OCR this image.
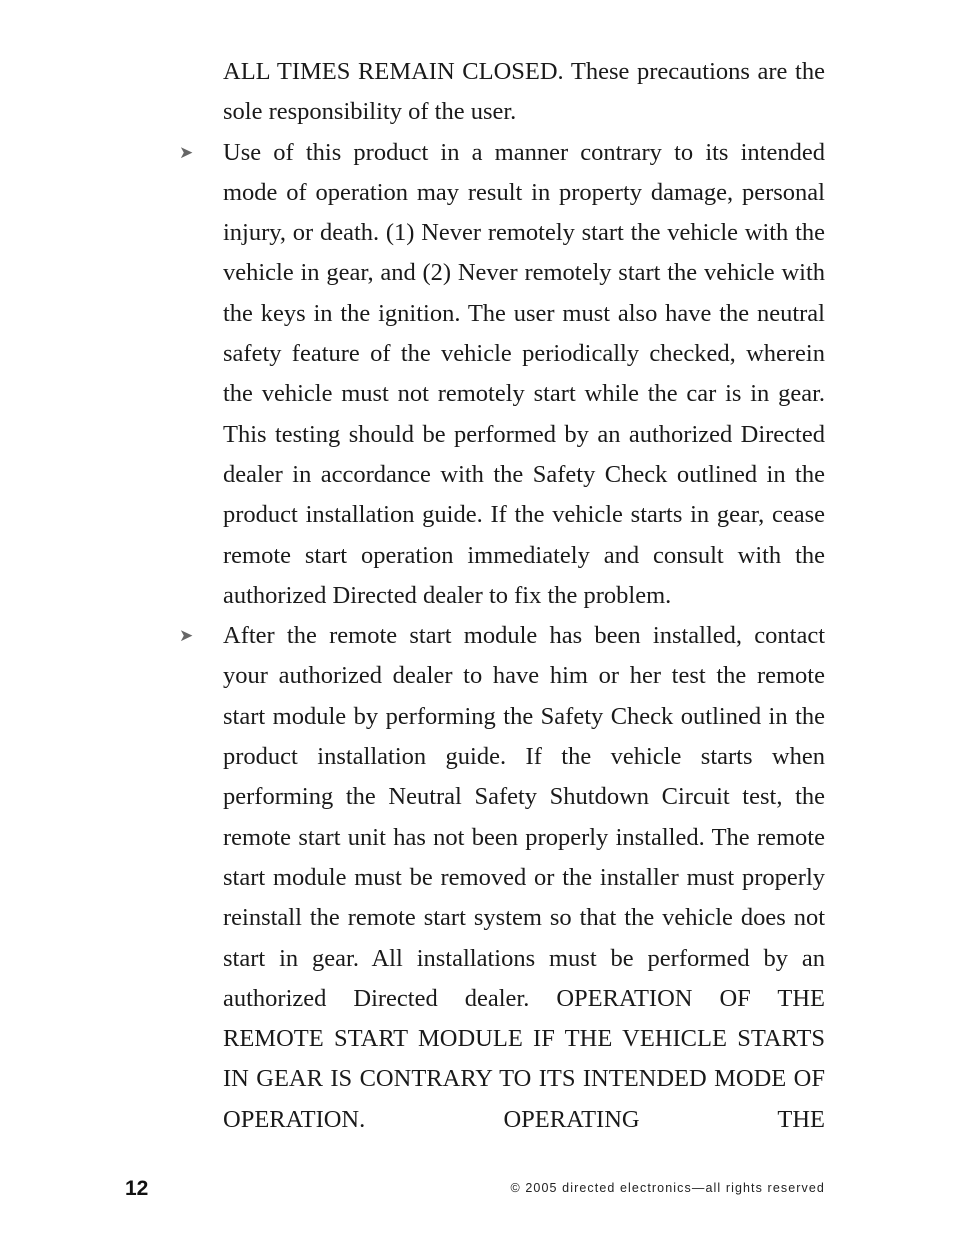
ALL TIMES REMAIN CLOSED. These precautions are the sole responsibility of the user.

➤	Use of this product in a manner contrary to its intended mode of operation may result in property damage, personal injury, or death. (1) Never remotely start the vehicle with the vehicle in gear, and (2) Never remotely start the vehicle with the keys in the ignition. The user must also have the neutral safety feature of the vehicle periodically checked, wherein the vehicle must not remotely start while the car is in gear. This testing should be performed by an authorized Directed dealer in accordance with the Safety Check outlined in the product installation guide. If the vehicle starts in gear, cease remote start operation immediately and consult with the authorized Directed dealer to fix the problem.

➤	After the remote start module has been installed, contact your authorized dealer to have him or her test the remote start module by performing the Safety Check outlined in the product installation guide. If the vehicle starts when performing the Neutral Safety Shutdown Circuit test, the remote start unit has not been properly installed. The remote start module must be removed or the installer must properly reinstall the remote start system so that the vehicle does not start in gear. All installations must be performed by an authorized Directed dealer. OPERATION OF THE REMOTE START MODULE IF THE VEHICLE STARTS IN GEAR IS CONTRARY TO ITS INTENDED MODE OF OPERATION. OPERATING THE

12	© 2005 directed electronics—all rights reserved
